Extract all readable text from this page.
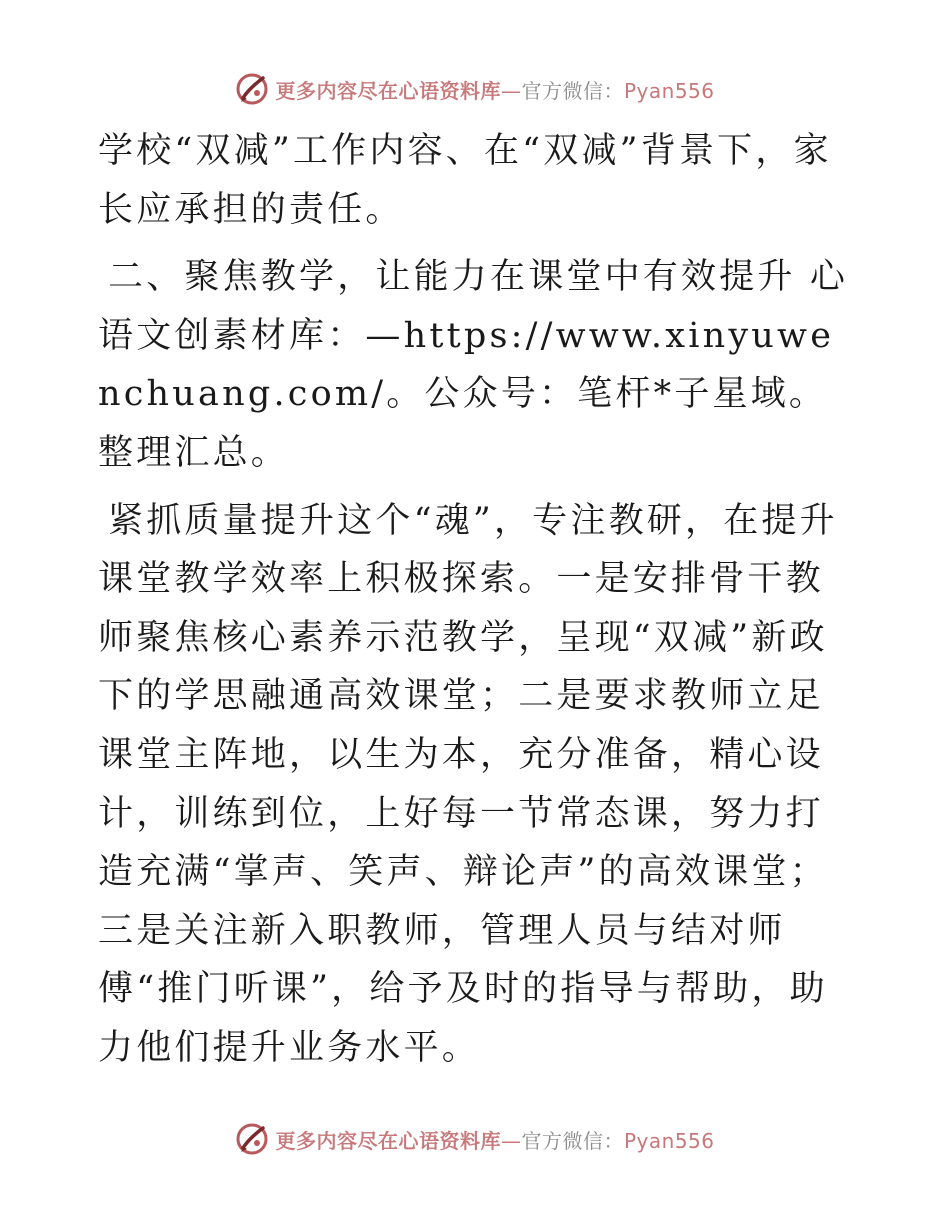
更多内容尽在心语资料库 — 官方微信： Pyan556

学校“双减”工作内容、在“双减”背景下，家长应承担的责任。

二、聚焦教学，让能力在课堂中有效提升 心语文创素材库：—https://www.xinyuwenchuang.com/。公众号：笔杆*子星域。整理汇总。

紧抓质量提升这个“魂”，专注教研，在提升课堂教学效率上积极探索。一是安排骨干教师聚焦核心素养示范教学，呈现“双减”新政下的学思融通高效课堂；二是要求教师立足课堂主阵地，以生为本，充分准备，精心设计，训练到位，上好每一节常态课，努力打造充满“掌声、笑声、辩论声”的高效课堂；三是关注新入职教师，管理人员与结对师傅“推门听课”，给予及时的指导与帮助，助力他们提升业务水平。

更多内容尽在心语资料库 — 官方微信： Pyan556
